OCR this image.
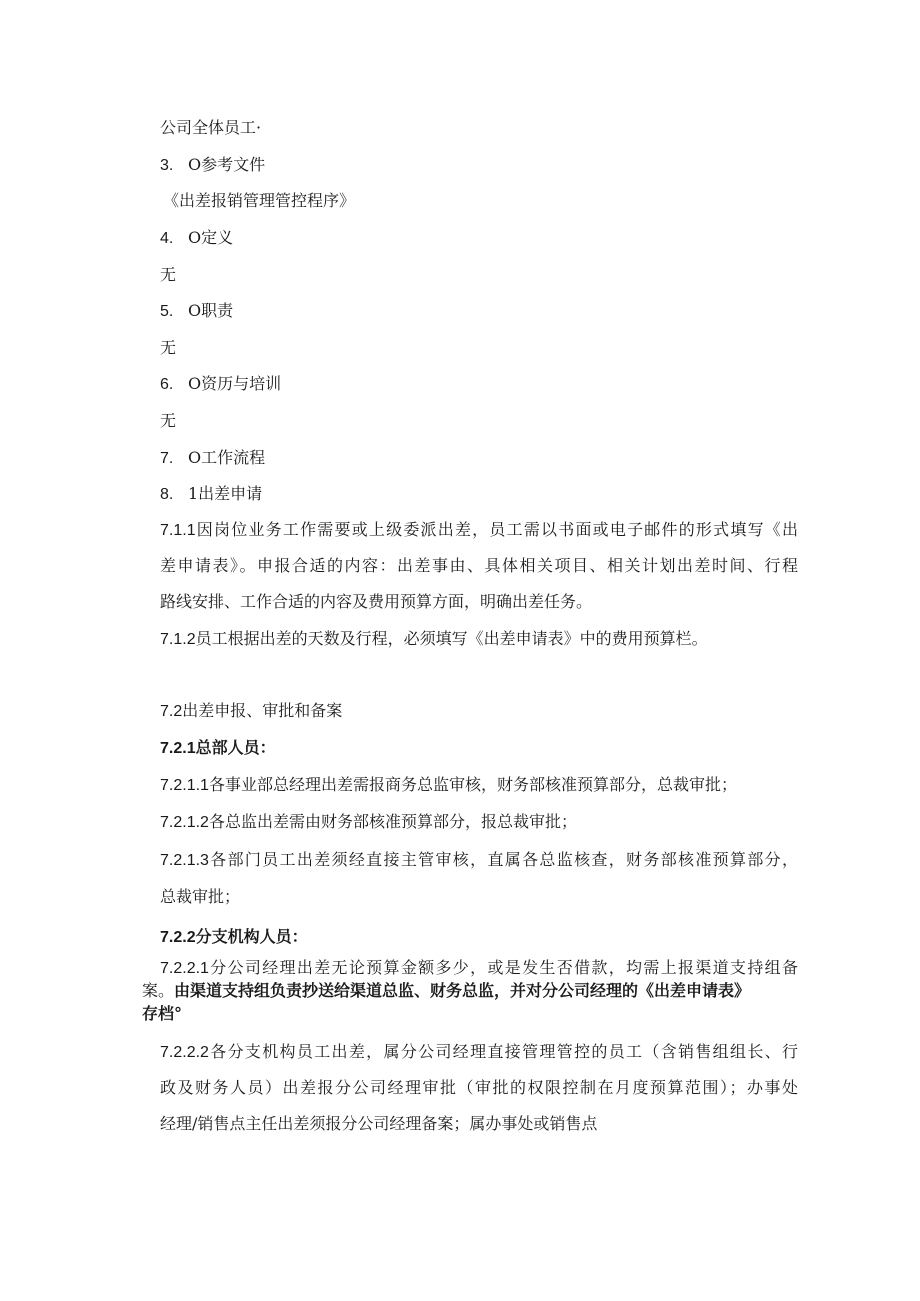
公司全体员工·
3. O参考文件
《出差报销管理管控程序》
4. O定义
无
5. O职责
无
6. O资历与培训
无
7. O工作流程
8. 1出差申请
7.1.1因岗位业务工作需要或上级委派出差，员工需以书面或电子邮件的形式填写《出
差申请表》。申报合适的内容：出差事由、具体相关项目、相关计划出差时间、行程
路线安排、工作合适的内容及费用预算方面，明确出差任务。
7.1.2员工根据出差的天数及行程，必须填写《出差申请表》中的费用预算栏。
7.2出差申报、审批和备案
7.2.1总部人员：
7.2.1.1各事业部总经理出差需报商务总监审核，财务部核准预算部分，总裁审批；
7.2.1.2各总监出差需由财务部核准预算部分，报总裁审批；
7.2.1.3各部门员工出差须经直接主管审核，直属各总监核查，财务部核准预算部分，
总裁审批；
7.2.2分支机构人员：
7.2.2.1分公司经理出差无论预算金额多少，或是发生否借款，均需上报渠道支持组备
案。由渠道支持组负责抄送给渠道总监、财务总监，并对分公司经理的《出差申请表》
存档°
7.2.2.2各分支机构员工出差，属分公司经理直接管理管控的员工（含销售组组长、行
政及财务人员）出差报分公司经理审批（审批的权限控制在月度预算范围）；办事处
经理/销售点主任出差须报分公司经理备案；属办事处或销售点
